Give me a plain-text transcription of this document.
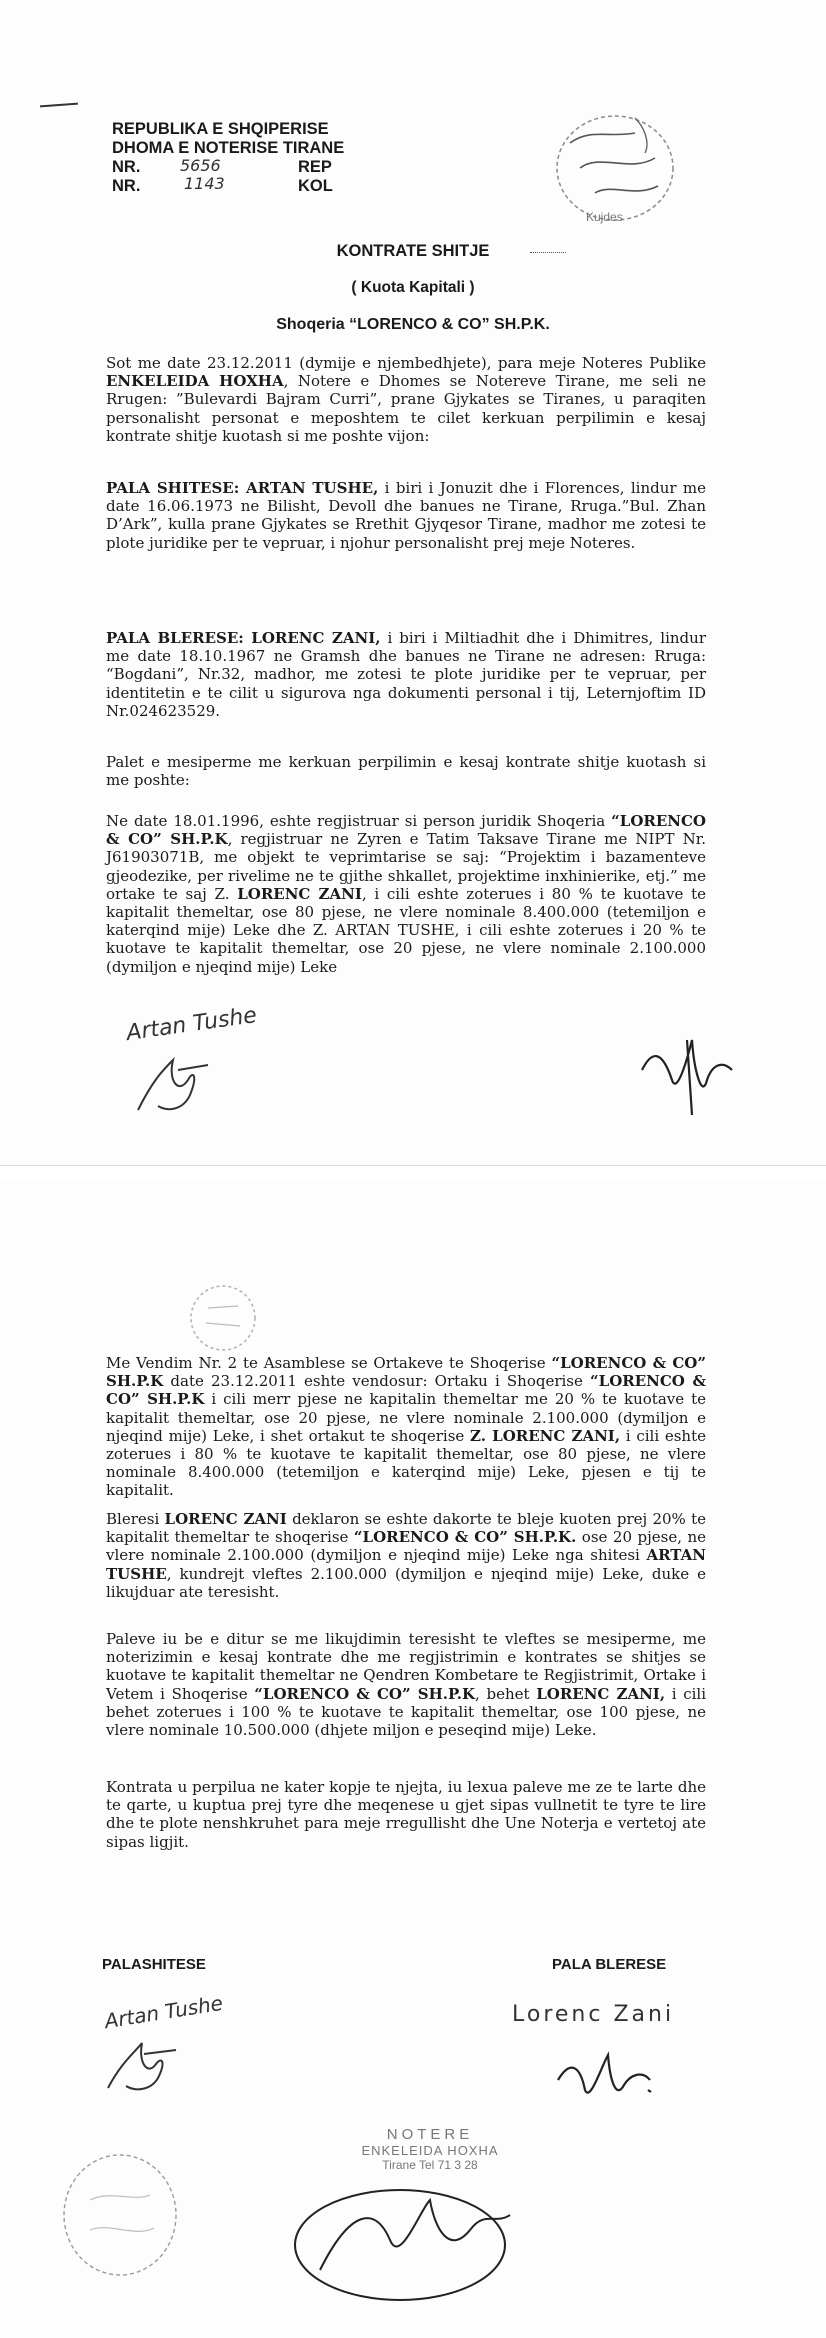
REPUBLIKA E SHQIPERISE
DHOMA E NOTERISE TIRANE
NR. 5656	REP
NR.	1143	KOL
Kujdes
KONTRATE SHITJE
( Kuota Kapitali )
Shoqeria “LORENCO & CO” SH.P.K.
Sot me date 23.12.2011 (dymije e njembedhjete), para meje Noteres Publike ENKELEIDA HOXHA, Notere e Dhomes se Notereve Tirane, me seli ne Rrugen: ”Bulevardi Bajram Curri”, prane Gjykates se Tiranes, u paraqiten personalisht personat e meposhtem te cilet kerkuan perpilimin e kesaj kontrate shitje kuotash si me poshte vijon:
PALA SHITESE: ARTAN TUSHE, i biri i Jonuzit dhe i Florences, lindur me date 16.06.1973 ne Bilisht, Devoll dhe banues ne Tirane, Rruga.”Bul. Zhan D’Ark”, kulla prane Gjykates se Rrethit Gjyqesor Tirane, madhor me zotesi te plote juridike per te vepruar, i njohur personalisht prej meje Noteres.
PALA BLERESE: LORENC ZANI, i biri i Miltiadhit dhe i Dhimitres, lindur me date 18.10.1967 ne Gramsh dhe banues ne Tirane ne adresen: Rruga: “Bogdani”, Nr.32, madhor, me zotesi te plote juridike per te vepruar, per identitetin e te cilit u sigurova nga dokumenti personal i tij, Leternjoftim ID Nr.024623529.
Palet e mesiperme me kerkuan perpilimin e kesaj kontrate shitje kuotash si me poshte:
Ne date 18.01.1996, eshte regjistruar si person juridik Shoqeria “LORENCO & CO” SH.P.K, regjistruar ne Zyren e Tatim Taksave Tirane me NIPT Nr. J61903071B, me objekt te veprimtarise se saj: “Projektim i bazamenteve gjeodezike, per rivelime ne te gjithe shkallet, projektime inxhinierike, etj.” me ortake te saj Z. LORENC ZANI, i cili eshte zoterues i 80 % te kuotave te kapitalit themeltar, ose 80 pjese, ne vlere nominale 8.400.000 (tetemiljon e katerqind mije) Leke dhe Z. ARTAN TUSHE, i cili eshte zoterues i 20 % te kuotave te kapitalit themeltar, ose 20 pjese, ne vlere nominale 2.100.000 (dymiljon e njeqind mije) Leke
Artan Tushe
Me Vendim Nr. 2 te Asamblese se Ortakeve te Shoqerise “LORENCO & CO” SH.P.K date 23.12.2011 eshte vendosur: Ortaku i Shoqerise “LORENCO & CO” SH.P.K i cili merr pjese ne kapitalin themeltar me 20 % te kuotave te kapitalit themeltar, ose 20 pjese, ne vlere nominale 2.100.000 (dymiljon e njeqind mije) Leke, i shet ortakut te shoqerise Z. LORENC ZANI, i cili eshte zoterues i 80 % te kuotave te kapitalit themeltar, ose 80 pjese, ne vlere nominale 8.400.000 (tetemiljon e katerqind mije) Leke, pjesen e tij te kapitalit.
Bleresi LORENC ZANI deklaron se eshte dakorte te bleje kuoten prej 20% te kapitalit themeltar te shoqerise “LORENCO & CO” SH.P.K. ose 20 pjese, ne vlere nominale 2.100.000 (dymiljon e njeqind mije) Leke nga shitesi ARTAN TUSHE, kundrejt vleftes 2.100.000 (dymiljon e njeqind mije) Leke, duke e likujduar ate teresisht.
Paleve iu be e ditur se me likujdimin teresisht te vleftes se mesiperme, me noterizimin e kesaj kontrate dhe me regjistrimin e kontrates se shitjes se kuotave te kapitalit themeltar ne Qendren Kombetare te Regjistrimit, Ortake i Vetem i Shoqerise “LORENCO & CO” SH.P.K, behet LORENC ZANI, i cili behet zoterues i 100 % te kuotave te kapitalit themeltar, ose 100 pjese, ne vlere nominale 10.500.000 (dhjete miljon e peseqind mije) Leke.
Kontrata u perpilua ne kater kopje te njejta, iu lexua paleve me ze te larte dhe te qarte, u kuptua prej tyre dhe meqenese u gjet sipas vullnetit te tyre te lire dhe te plote nenshkruhet para meje rregullisht dhe Une Noterja e vertetoj ate sipas ligjit.
PALASHITESE	PALA BLERESE
Artan Tushe	Lorenc Zani
NOTERE
ENKELEIDA HOXHA
Tirane Tel 71 3 28
